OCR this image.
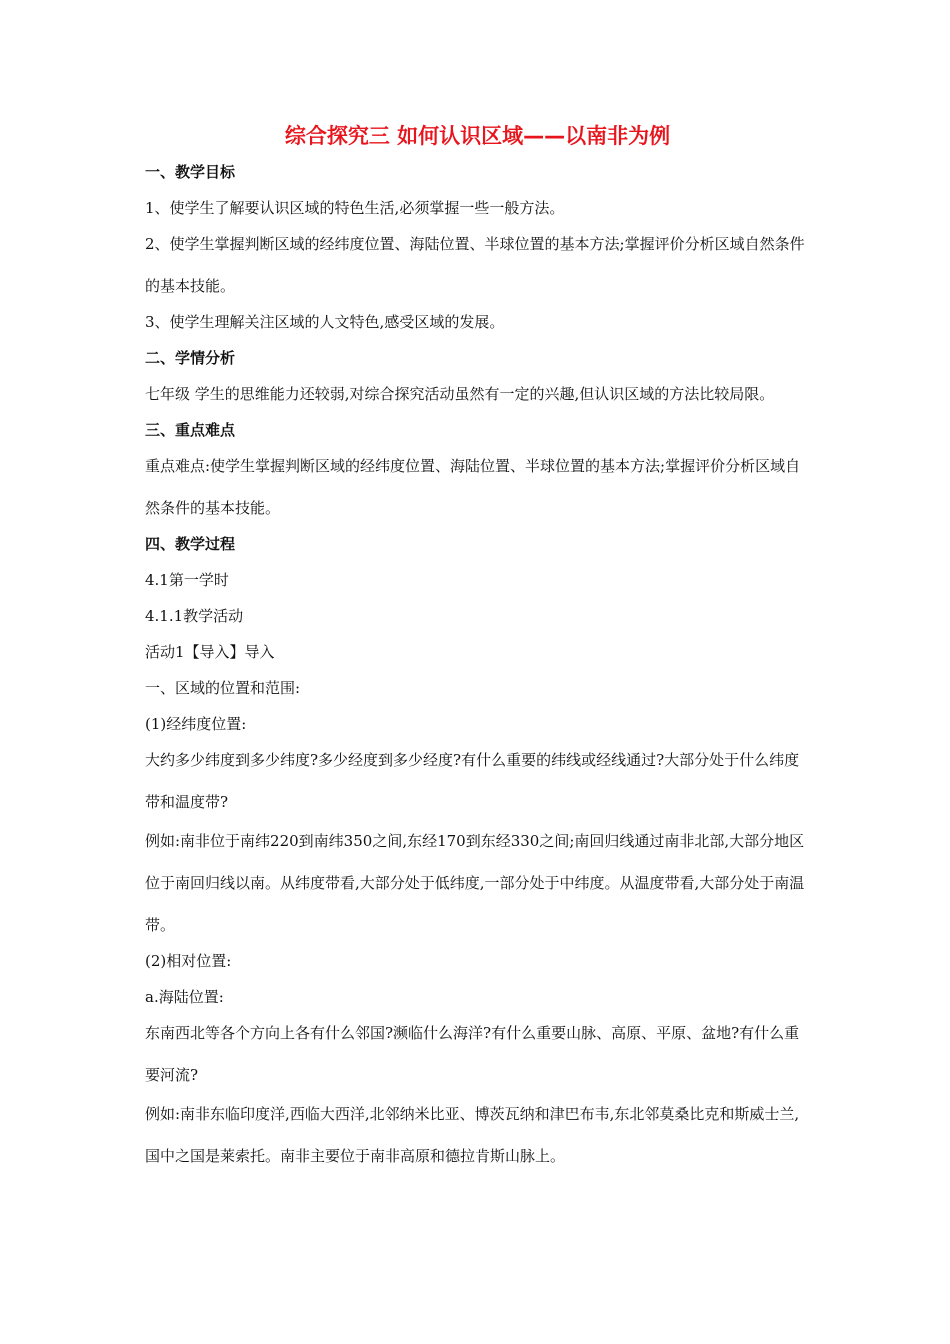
综合探究三 如何认识区域——以南非为例
一、教学目标
1、使学生了解要认识区域的特色生活,必须掌握一些一般方法。
2、使学生掌握判断区域的经纬度位置、海陆位置、半球位置的基本方法;掌握评价分析区域自然条件的基本技能。
3、使学生理解关注区域的人文特色,感受区域的发展。
二、学情分析
七年级 学生的思维能力还较弱,对综合探究活动虽然有一定的兴趣,但认识区域的方法比较局限。
三、重点难点
重点难点:使学生掌握判断区域的经纬度位置、海陆位置、半球位置的基本方法;掌握评价分析区域自然条件的基本技能。
四、教学过程
4.1第一学时
4.1.1教学活动
活动1【导入】导入
一、区域的位置和范围:
(1)经纬度位置:
大约多少纬度到多少纬度?多少经度到多少经度?有什么重要的纬线或经线通过?大部分处于什么纬度带和温度带?
例如:南非位于南纬220到南纬350之间,东经170到东经330之间;南回归线通过南非北部,大部分地区位于南回归线以南。从纬度带看,大部分处于低纬度,一部分处于中纬度。从温度带看,大部分处于南温带。
(2)相对位置:
a.海陆位置:
东南西北等各个方向上各有什么邻国?濒临什么海洋?有什么重要山脉、高原、平原、盆地?有什么重要河流?
例如:南非东临印度洋,西临大西洋,北邻纳米比亚、博茨瓦纳和津巴布韦,东北邻莫桑比克和斯威士兰,国中之国是莱索托。南非主要位于南非高原和德拉肯斯山脉上。
